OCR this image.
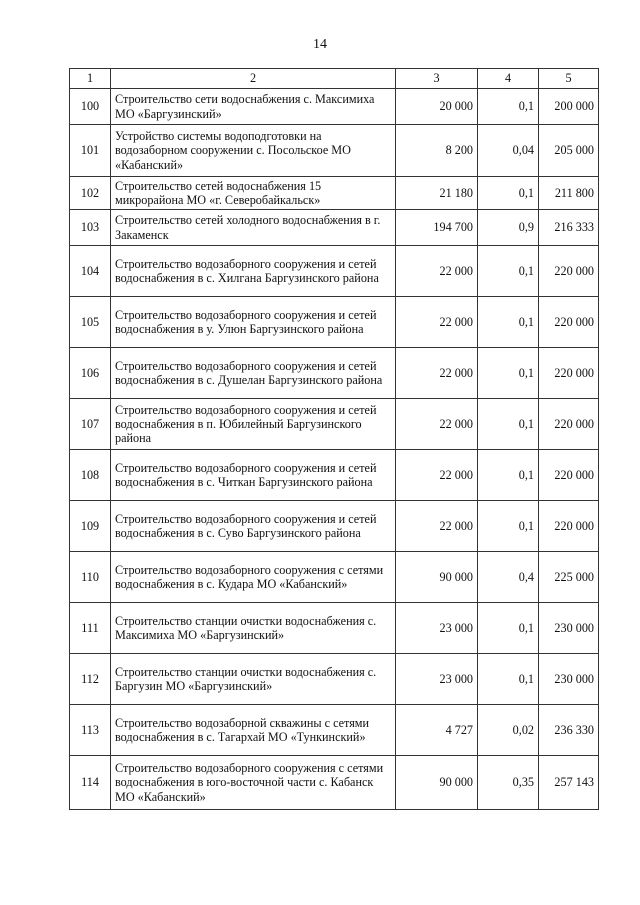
14
1	2	3	4	5
100	Строительство сети водоснабжения с. Максимиха МО «Баргузинский»	20 000	0,1	200 000
101	Устройство системы водоподготовки на водозаборном сооружении с. Посольское МО «Кабанский»	8 200	0,04	205 000
102	Строительство сетей водоснабжения 15 микрорайона МО «г. Северобайкальск»	21 180	0,1	211 800
103	Строительство сетей холодного водоснабжения в г. Закаменск	194 700	0,9	216 333
104	Строительство водозаборного сооружения и сетей водоснабжения в с. Хилгана Баргузинского района	22 000	0,1	220 000
105	Строительство водозаборного сооружения и сетей водоснабжения в у. Улюн Баргузинского района	22 000	0,1	220 000
106	Строительство водозаборного сооружения и сетей водоснабжения в с. Душелан Баргузинского района	22 000	0,1	220 000
107	Строительство водозаборного сооружения и сетей водоснабжения в п. Юбилейный Баргузинского района	22 000	0,1	220 000
108	Строительство водозаборного сооружения и сетей водоснабжения в с. Читкан Баргузинского района	22 000	0,1	220 000
109	Строительство водозаборного сооружения и сетей водоснабжения в с. Суво Баргузинского района	22 000	0,1	220 000
110	Строительство водозаборного сооружения с сетями водоснабжения в с. Кудара МО «Кабанский»	90 000	0,4	225 000
111	Строительство станции очистки водоснабжения с. Максимиха МО «Баргузинский»	23 000	0,1	230 000
112	Строительство станции очистки водоснабжения с. Баргузин МО «Баргузинский»	23 000	0,1	230 000
113	Строительство водозаборной скважины с сетями водоснабжения в с. Тагархай МО «Тункинский»	4 727	0,02	236 330
114	Строительство водозаборного сооружения с сетями водоснабжения в юго-восточной части с. Кабанск МО «Кабанский»	90 000	0,35	257 143
